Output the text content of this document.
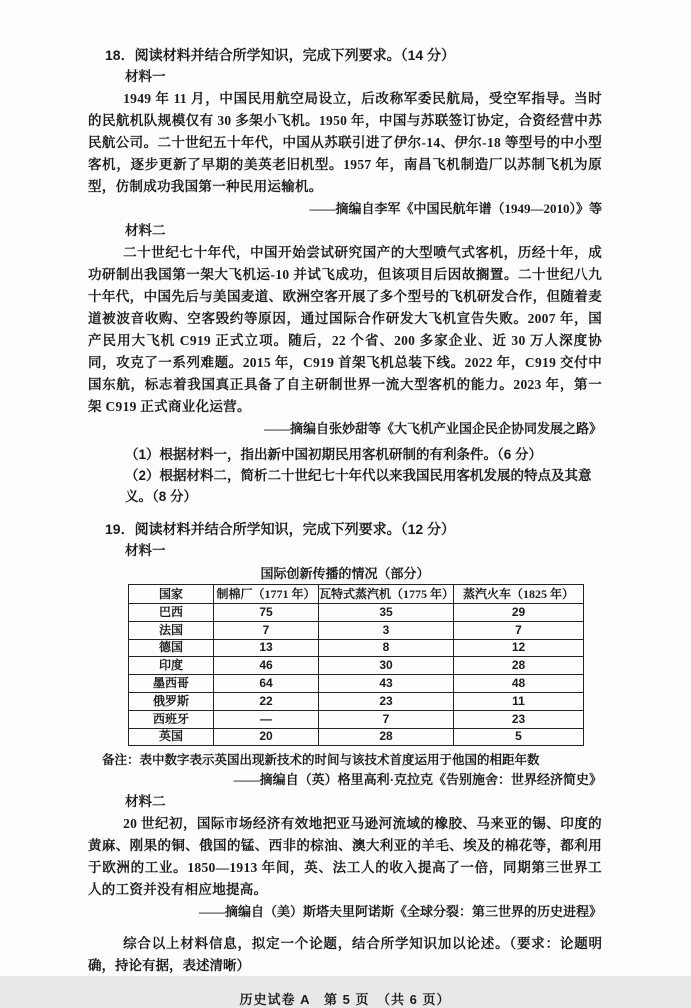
18．阅读材料并结合所学知识，完成下列要求。（14 分）
材料一
1949 年 11 月，中国民用航空局设立，后改称军委民航局，受空军指导。当时的民航机队规模仅有 30 多架小飞机。1950 年，中国与苏联签订协定，合资经营中苏民航公司。二十世纪五十年代，中国从苏联引进了伊尔-14、伊尔-18 等型号的中小型客机，逐步更新了早期的美英老旧机型。1957 年，南昌飞机制造厂以苏制飞机为原型，仿制成功我国第一种民用运输机。
——摘编自李军《中国民航年谱（1949—2010）》等
材料二
二十世纪七十年代，中国开始尝试研究国产的大型喷气式客机，历经十年，成功研制出我国第一架大飞机运-10 并试飞成功，但该项目后因故搁置。二十世纪八九十年代，中国先后与美国麦道、欧洲空客开展了多个型号的飞机研发合作，但随着麦道被波音收购、空客毁约等原因，通过国际合作研发大飞机宣告失败。2007 年，国产民用大飞机 C919 正式立项。随后，22 个省、200 多家企业、近 30 万人深度协同，攻克了一系列难题。2015 年，C919 首架飞机总装下线。2022 年，C919 交付中国东航，标志着我国真正具备了自主研制世界一流大型客机的能力。2023 年，第一架 C919 正式商业化运营。
——摘编自张妙甜等《大飞机产业国企民企协同发展之路》
（1）根据材料一，指出新中国初期民用客机研制的有利条件。（6 分）
（2）根据材料二，简析二十世纪七十年代以来我国民用客机发展的特点及其意义。（8 分）
19．阅读材料并结合所学知识，完成下列要求。（12 分）
材料一
国际创新传播的情况（部分）
国家	制棉厂（1771 年）	瓦特式蒸汽机（1775 年）	蒸汽火车（1825 年）
巴西	75	35	29
法国	7	3	7
德国	13	8	12
印度	46	30	28
墨西哥	64	43	48
俄罗斯	22	23	11
西班牙	—	7	23
英国	20	28	5
备注：表中数字表示英国出现新技术的时间与该技术首度运用于他国的相距年数
——摘编自（英）格里高利·克拉克《告别施舍：世界经济简史》
材料二
20 世纪初，国际市场经济有效地把亚马逊河流域的橡胶、马来亚的锡、印度的黄麻、刚果的铜、俄国的锰、西非的棕油、澳大利亚的羊毛、埃及的棉花等，都利用于欧洲的工业。1850—1913 年间，英、法工人的收入提高了一倍，同期第三世界工人的工资并没有相应地提高。
——摘编自（美）斯塔夫里阿诺斯《全球分裂：第三世界的历史进程》
综合以上材料信息，拟定一个论题，结合所学知识加以论述。（要求：论题明确，持论有据，表述清晰）
历史试卷 A　第 5 页　（共 6 页）
